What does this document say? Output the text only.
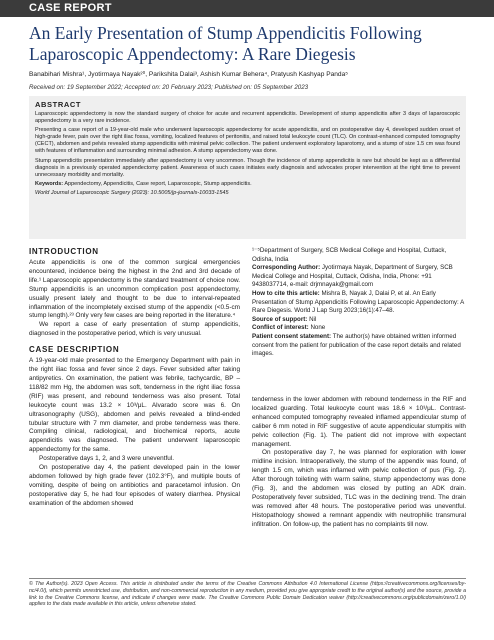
CASE REPORT
An Early Presentation of Stump Appendicitis Following Laparoscopic Appendectomy: A Rare Diegesis
Banabihari Mishra¹, Jyotirmaya Nayak²⁰, Parikshita Dalai³, Ashish Kumar Behera⁴, Pratyush Kashyap Panda⁵
Received on: 19 September 2022; Accepted on: 20 February 2023; Published on: 05 September 2023
ABSTRACT

Laparoscopic appendectomy is now the standard surgery of choice for acute and recurrent appendicitis. Development of stump appendicitis after 3 days of laparoscopic appendectomy is a very rare incidence.

Presenting a case report of a 19-year-old male who underwent laparoscopic appendectomy for acute appendicitis, and on postoperative day 4, developed sudden onset of high-grade fever, pain over the right iliac fossa, vomiting, localized features of peritonitis, and raised total leukocyte count (TLC). On contrast-enhanced computed tomography (CECT), abdomen and pelvis revealed stump appendicitis with minimal pelvic collection. The patient underwent exploratory laparotomy, and a stump of size 1.5 cm was found with features of inflammation and surrounding minimal adhesion. A stump appendectomy was done.

Stump appendicitis presentation immediately after appendectomy is very uncommon. Though the incidence of stump appendicitis is rare but should be kept as a differential diagnosis in a previously operated appendectomy patient. Awareness of such cases initiates early diagnosis and advocates proper intervention at the right time to prevent unnecessary morbidity and mortality.

Keywords: Appendectomy, Appendicitis, Case report, Laparoscopic, Stump appendicitis.

World Journal of Laparoscopic Surgery (2023): 10.5005/jp-journals-10033-1545

INTRODUCTION

Acute appendicitis is one of the common surgical emergencies encountered, incidence being the highest in the 2nd and 3rd decade of life.¹ Laparoscopic appendectomy is the standard treatment of choice now. Stump appendicitis is an uncommon complication post appendectomy, usually present lately and thought to be due to interval-repeated inflammation of the incompletely excised stump of the appendix (<0.5-cm stump length).²³ Only very few cases are being reported in the literature.⁴

We report a case of early presentation of stump appendicitis, diagnosed in the postoperative period, which is very unusual.

CASE DESCRIPTION

A 19-year-old male presented to the Emergency Department with pain in the right iliac fossa and fever since 2 days. Fever subsided after taking antipyretics. On examination, the patient was febrile, tachycardic, BP – 118/82 mm Hg, the abdomen was soft, tenderness in the right iliac fossa (RIF) was present, and rebound tenderness was also present. Total leukocyte count was 13.2 × 10³/μL. Alvarado score was 6. On ultrasonography (USG), abdomen and pelvis revealed a blind-ended tubular structure with 7 mm diameter, and probe tenderness was there. Compiling clinical, radiological, and biochemical reports, acute appendicitis was diagnosed. The patient underwent laparoscopic appendectomy for the same.

Postoperative days 1, 2, and 3 were uneventful.

On postoperative day 4, the patient developed pain in the lower abdomen followed by high grade fever (102.3°F), and multiple bouts of vomiting, despite of being on antibiotics and paracetamol infusion. On postoperative day 5, he had four episodes of watery diarrhea. Physical examination of the abdomen showed

¹⁻⁵Department of Surgery, SCB Medical College and Hospital, Cuttack, Odisha, India

Corresponding Author: Jyotirmaya Nayak, Department of Surgery, SCB Medical College and Hospital, Cuttack, Odisha, India, Phone: +91 9438037714, e-mail: drjmnayak@gmail.com

How to cite this article: Mishra B, Nayak J, Dalai P, et al. An Early Presentation of Stump Appendicitis Following Laparoscopic Appendectomy: A Rare Diegesis. World J Lap Surg 2023;16(1):47–48.

Source of support: Nil

Conflict of interest: None

Patient consent statement: The author(s) have obtained written informed consent from the patient for publication of the case report details and related images.

tenderness in the lower abdomen with rebound tenderness in the RIF and localized guarding. Total leukocyte count was 18.6 × 10³/μL. Contrast-enhanced computed tomography revealed inflamed appendicular stump of caliber 6 mm noted in RIF suggestive of acute appendicular stumpitis with pelvic collection (Fig. 1). The patient did not improve with expectant management.

On postoperative day 7, he was planned for exploration with lower midline incision. Intraoperatively, the stump of the appendix was found, of length 1.5 cm, which was inflamed with pelvic collection of pus (Fig. 2). After thorough toileting with warm saline, stump appendectomy was done (Fig. 3), and the abdomen was closed by putting an ADK drain. Postoperatively fever subsided, TLC was in the declining trend. The drain was removed after 48 hours. The postoperative period was uneventful. Histopathology showed a remnant appendix with neutrophilic transmural infiltration. On follow-up, the patient has no complaints till now.

© The Author(s). 2023 Open Access. This article is distributed under the terms of the Creative Commons Attribution 4.0 International License (https://creativecommons.org/licenses/by-nc/4.0/), which permits unrestricted use, distribution, and non-commercial reproduction in any medium, provided you give appropriate credit to the original author(s) and the source, provide a link to the Creative Commons license, and indicate if changes were made. The Creative Commons Public Domain Dedication waiver (http://creativecommons.org/publicdomain/zero/1.0/) applies to the data made available in this article, unless otherwise stated.
